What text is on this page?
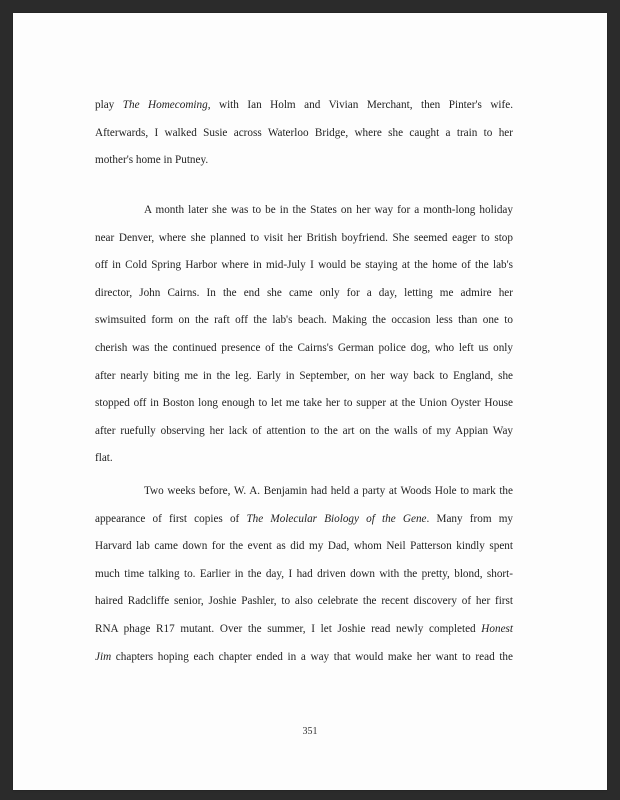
play The Homecoming, with Ian Holm and Vivian Merchant, then Pinter's wife.
Afterwards, I walked Susie across Waterloo Bridge, where she caught a train to her
mother's home in Putney.
A month later she was to be in the States on her way for a month-long holiday
near Denver, where she planned to visit her British boyfriend. She seemed eager to stop
off in Cold Spring Harbor where in mid-July I would be staying at the home of the lab's
director, John Cairns. In the end she came only for a day, letting me admire her
swimsuited form on the raft off the lab's beach. Making the occasion less than one to
cherish was the continued presence of the Cairns's German police dog, who left us only
after nearly biting me in the leg. Early in September, on her way back to England, she
stopped off in Boston long enough to let me take her to supper at the Union Oyster House
after ruefully observing her lack of attention to the art on the walls of my Appian Way
flat.
Two weeks before, W. A. Benjamin had held a party at Woods Hole to mark the
appearance of first copies of The Molecular Biology of the Gene. Many from my
Harvard lab came down for the event as did my Dad, whom Neil Patterson kindly spent
much time talking to. Earlier in the day, I had driven down with the pretty, blond, short-
haired Radcliffe senior, Joshie Pashler, to also celebrate the recent discovery of her first
RNA phage R17 mutant. Over the summer, I let Joshie read newly completed Honest
Jim chapters hoping each chapter ended in a way that would make her want to read the
351
